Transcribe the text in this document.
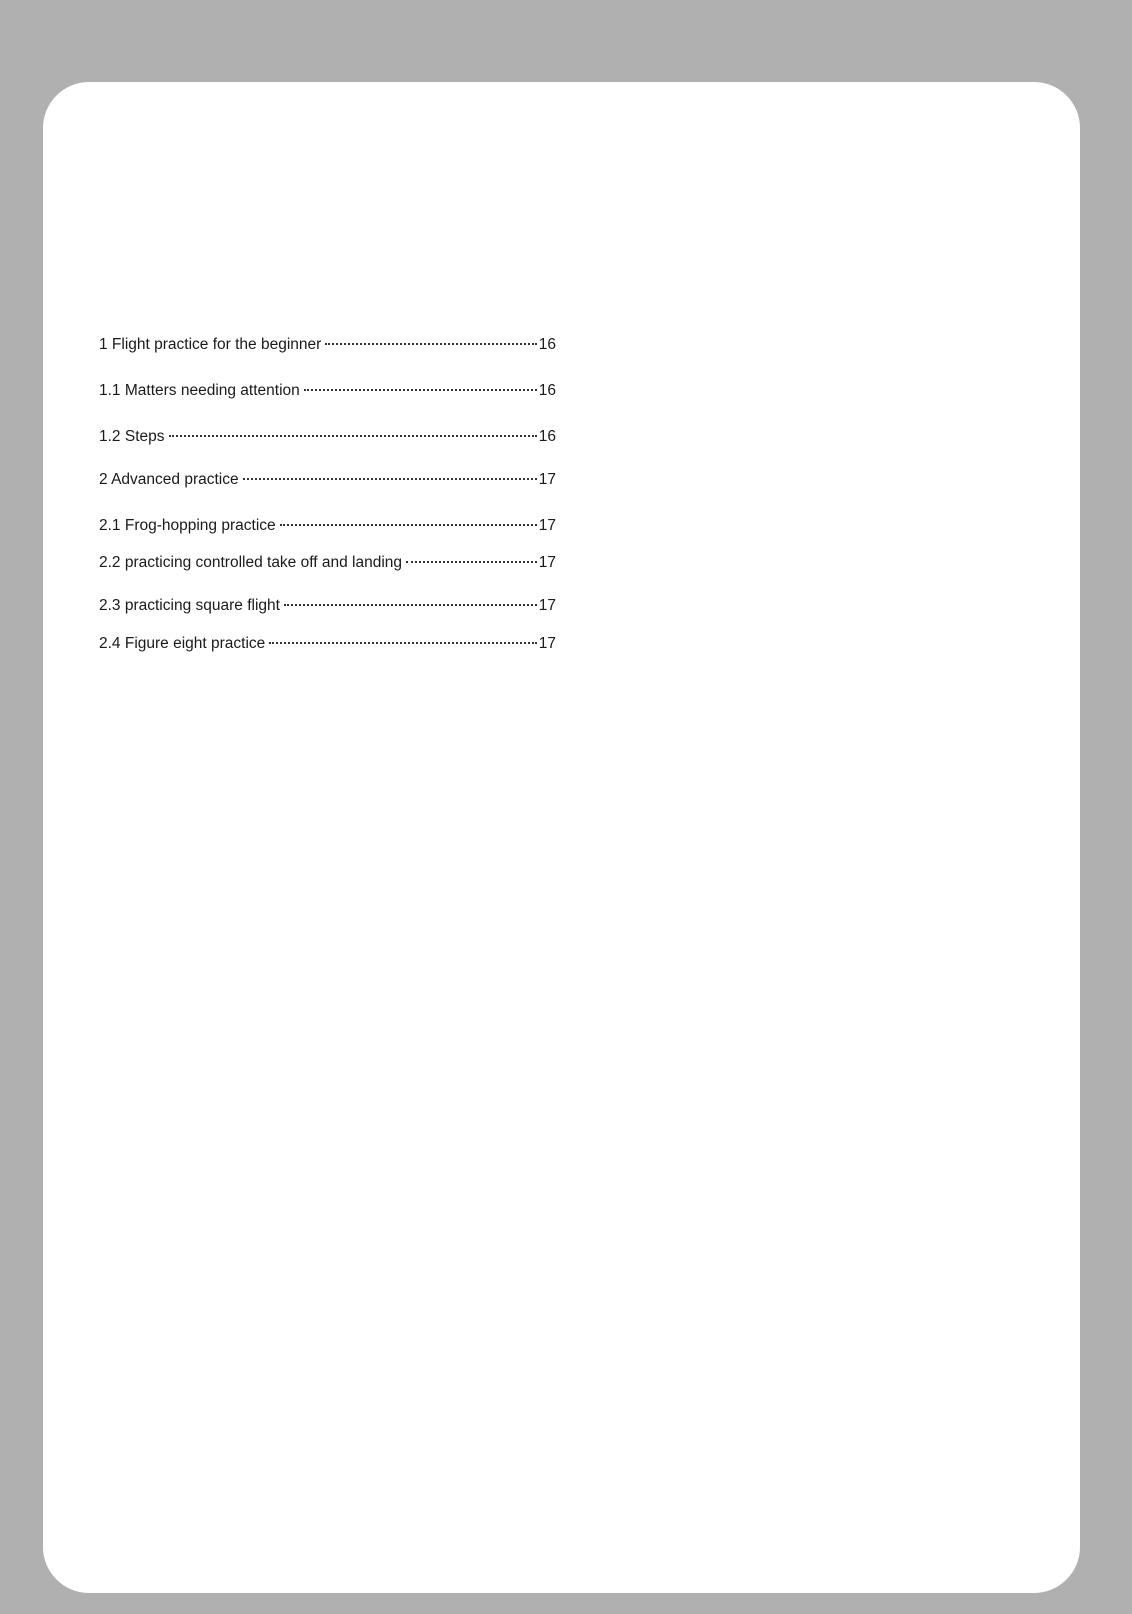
1 Flight practice for the beginner	16
1.1 Matters needing attention	16
1.2 Steps	16
2 Advanced practice	17
2.1 Frog-hopping practice	17
2.2 practicing controlled take off and landing	17
2.3 practicing square flight	17
2.4 Figure eight practice	17
